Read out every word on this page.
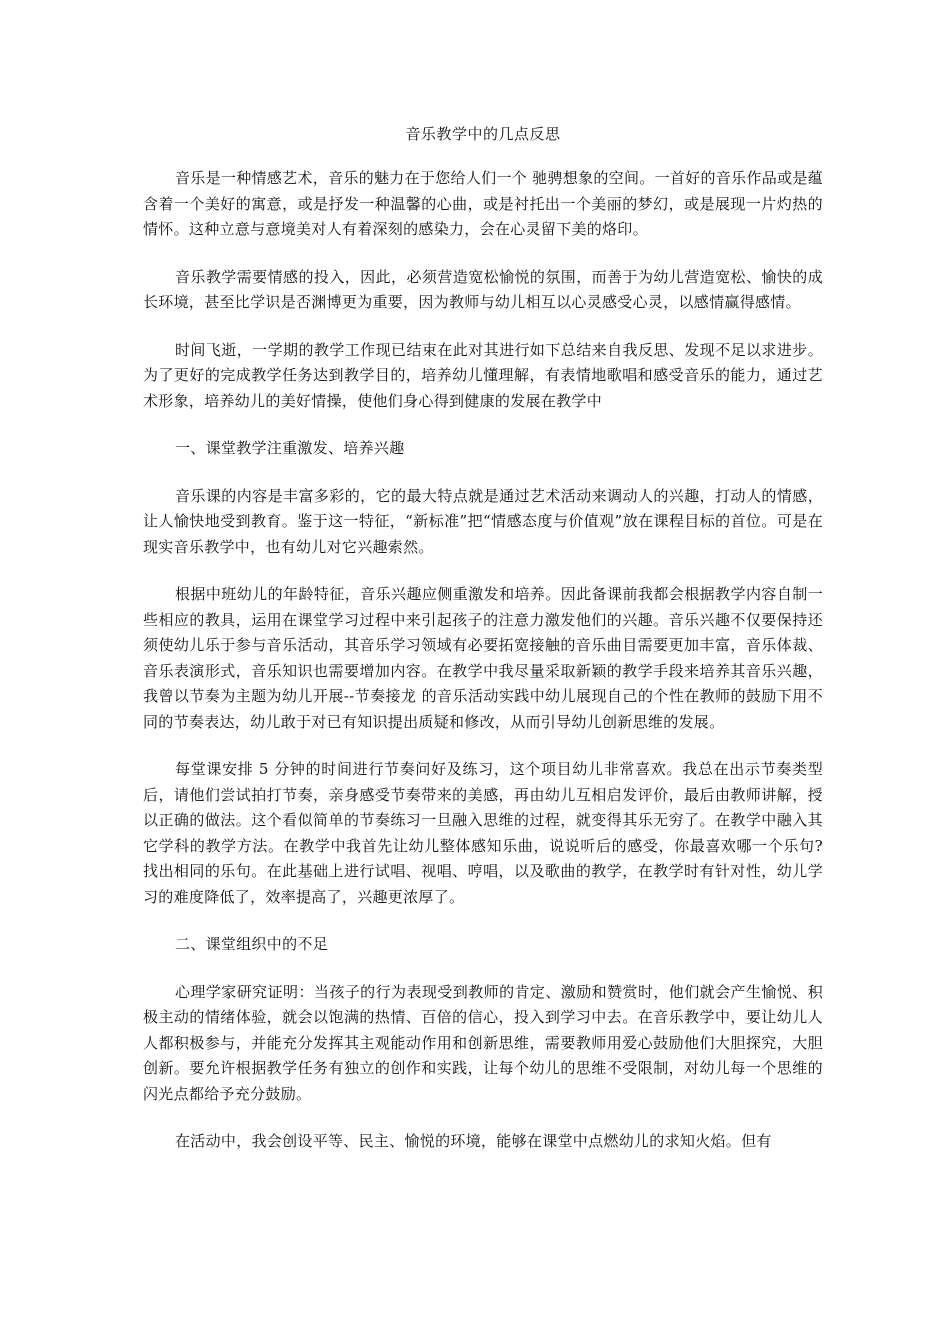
音乐教学中的几点反思

音乐是一种情感艺术，音乐的魅力在于您给人们一个 驰骋想象的空间。一首好的音乐作品或是蕴含着一个美好的寓意，或是抒发一种温馨的心曲，或是衬托出一个美丽的梦幻，或是展现一片灼热的情怀。这种立意与意境美对人有着深刻的感染力，会在心灵留下美的烙印。

音乐教学需要情感的投入，因此，必须营造宽松愉悦的氛围，而善于为幼儿营造宽松、愉快的成长环境，甚至比学识是否渊博更为重要，因为教师与幼儿相互以心灵感受心灵，以感情赢得感情。

时间飞逝，一学期的教学工作现已结束在此对其进行如下总结来自我反思、发现不足以求进步。为了更好的完成教学任务达到教学目的，培养幼儿懂理解，有表情地歌唱和感受音乐的能力，通过艺术形象，培养幼儿的美好情操，使他们身心得到健康的发展在教学中

一、课堂教学注重激发、培养兴趣

音乐课的内容是丰富多彩的，它的最大特点就是通过艺术活动来调动人的兴趣，打动人的情感，让人愉快地受到教育。鉴于这一特征，“新标准”把“情感态度与价值观”放在课程目标的首位。可是在现实音乐教学中，也有幼儿对它兴趣索然。

根据中班幼儿的年龄特征，音乐兴趣应侧重激发和培养。因此备课前我都会根据教学内容自制一些相应的教具，运用在课堂学习过程中来引起孩子的注意力激发他们的兴趣。音乐兴趣不仅要保持还须使幼儿乐于参与音乐活动，其音乐学习领域有必要拓宽接触的音乐曲目需要更加丰富，音乐体裁、音乐表演形式，音乐知识也需要增加内容。在教学中我尽量采取新颖的教学手段来培养其音乐兴趣，我曾以节奏为主题为幼儿开展--节奏接龙 的音乐活动实践中幼儿展现自己的个性在教师的鼓励下用不同的节奏表达，幼儿敢于对已有知识提出质疑和修改，从而引导幼儿创新思维的发展。

每堂课安排 5 分钟的时间进行节奏问好及练习，这个项目幼儿非常喜欢。我总在出示节奏类型后，请他们尝试拍打节奏，亲身感受节奏带来的美感，再由幼儿互相启发评价，最后由教师讲解，授以正确的做法。这个看似简单的节奏练习一旦融入思维的过程，就变得其乐无穷了。在教学中融入其它学科的教学方法。在教学中我首先让幼儿整体感知乐曲，说说听后的感受，你最喜欢哪一个乐句?找出相同的乐句。在此基础上进行试唱、视唱、哼唱，以及歌曲的教学，在教学时有针对性，幼儿学习的难度降低了，效率提高了，兴趣更浓厚了。

二、课堂组织中的不足

心理学家研究证明：当孩子的行为表现受到教师的肯定、激励和赞赏时，他们就会产生愉悦、积极主动的情绪体验，就会以饱满的热情、百倍的信心，投入到学习中去。在音乐教学中，要让幼儿人人都积极参与，并能充分发挥其主观能动作用和创新思维，需要教师用爱心鼓励他们大胆探究，大胆创新。要允许根据教学任务有独立的创作和实践，让每个幼儿的思维不受限制，对幼儿每一个思维的闪光点都给予充分鼓励。

在活动中，我会创设平等、民主、愉悦的环境，能够在课堂中点燃幼儿的求知火焰。但有
